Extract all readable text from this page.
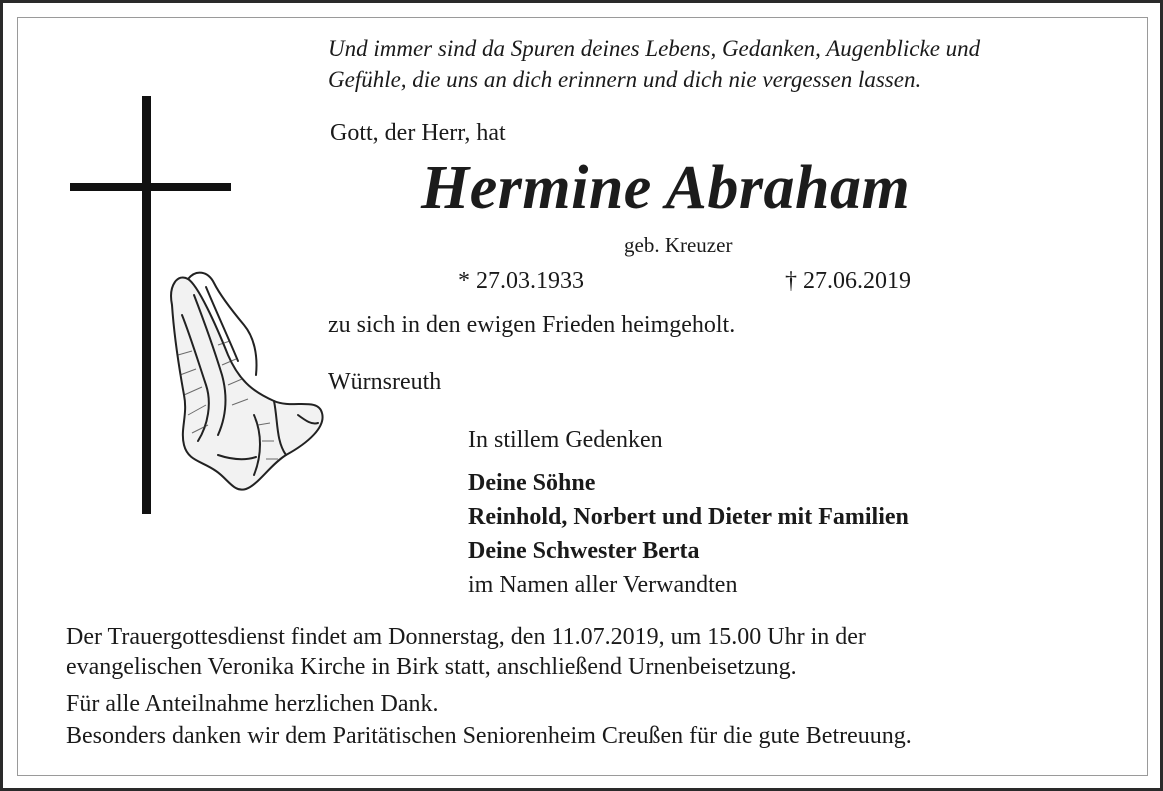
Und immer sind da Spuren deines Lebens, Gedanken, Augenblicke und
Gefühle, die uns an dich erinnern und dich nie vergessen lassen.
Gott, der Herr, hat
Hermine Abraham
geb. Kreuzer
* 27.03.1933	† 27.06.2019
zu sich in den ewigen Frieden heimgeholt.
Würnsreuth
In stillem Gedenken
Deine Söhne
Reinhold, Norbert und Dieter mit Familien
Deine Schwester Berta
im Namen aller Verwandten
Der Trauergottesdienst findet am Donnerstag, den 11.07.2019, um 15.00 Uhr in der
evangelischen Veronika Kirche in Birk statt, anschließend Urnenbeisetzung.
Für alle Anteilnahme herzlichen Dank.
Besonders danken wir dem Paritätischen Seniorenheim Creußen für die gute Betreuung.
